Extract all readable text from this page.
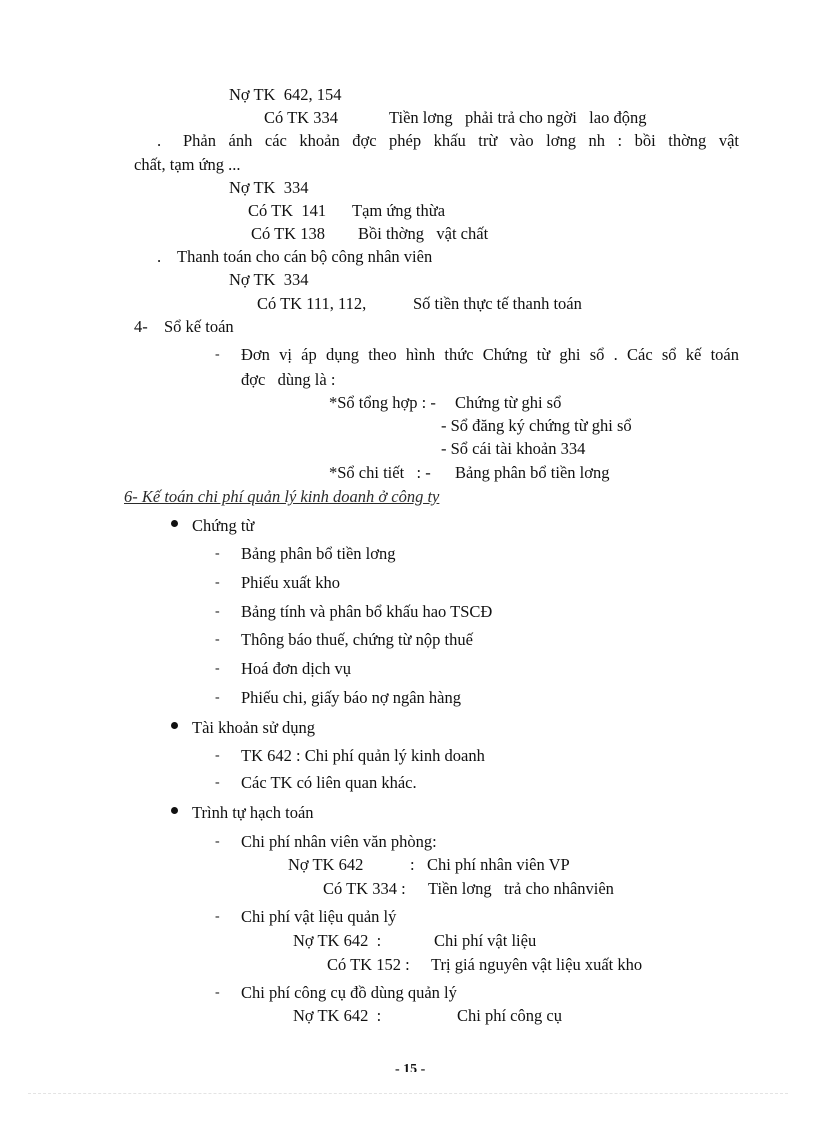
Nợ TK  642, 154
Có TK 334	Tiền lơng   phải trả cho ngời   lao động
. Phản ánh các khoản đợc phép khấu trừ vào lơng nh : bồi thờng vật
chất, tạm ứng ...
Nợ TK  334
Có TK  141 Tạm ứng thừa
Có TK 138 Bồi thờng   vật chất
. Thanh toán cho cán bộ công nhân viên
Nợ TK  334
Có TK 111, 112,	Số tiền thực tế thanh toán
4- Sổ kế toán
- Đơn vị áp dụng theo hình thức Chứng từ ghi sổ . Các sổ kế toán
đợc   dùng là :
*Sổ tổng hợp : - Chứng từ ghi sổ
- Sổ đăng ký chứng từ ghi sổ
- Sổ cái tài khoản 334
*Sổ chi tiết   : - Bảng phân bổ tiền lơng
6- Kế toán chi phí quản lý kinh doanh ở công ty
Chứng từ
- Bảng phân bổ tiền lơng
- Phiếu xuất kho
- Bảng tính và phân bổ khấu hao TSCĐ
- Thông báo thuế, chứng từ nộp thuế
- Hoá đơn dịch vụ
- Phiếu chi, giấy báo nợ ngân hàng
Tài khoản sử dụng
- TK 642 : Chi phí quản lý kinh doanh
- Các TK có liên quan khác.
Trình tự hạch toán
- Chi phí nhân viên văn phòng:
Nợ TK 642	:   Chi phí nhân viên VP
Có TK 334 : Tiền lơng   trả cho nhânviên
- Chi phí vật liệu quản lý
Nợ TK 642  :	Chi phí vật liệu
Có TK 152 : Trị giá nguyên vật liệu xuất kho
- Chi phí công cụ đồ dùng quản lý
Nợ TK 642  :	Chi phí công cụ
- 15 -
